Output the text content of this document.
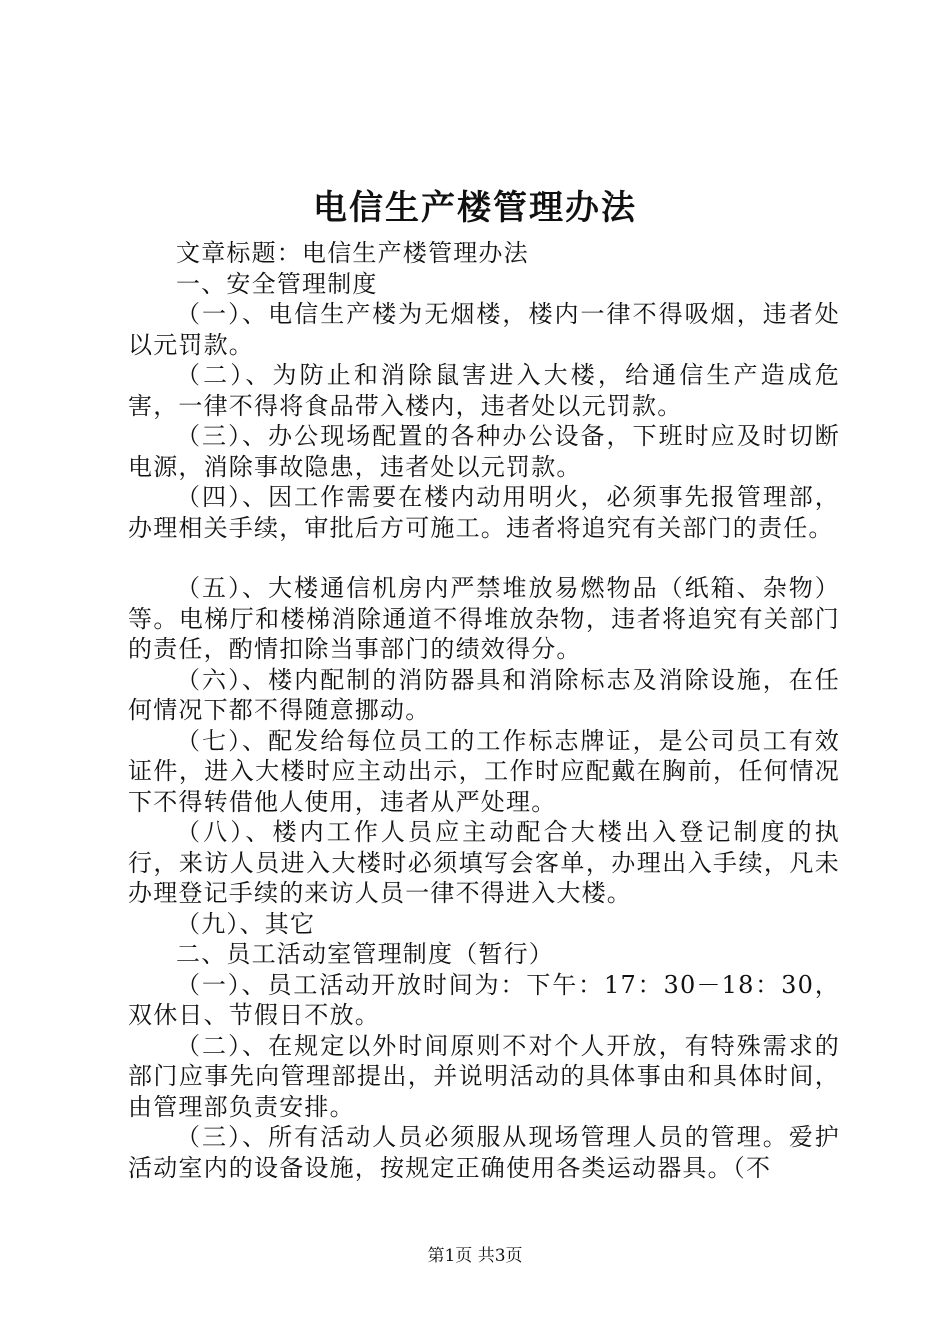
电信生产楼管理办法

文章标题：电信生产楼管理办法

一、安全管理制度

（一）、电信生产楼为无烟楼，楼内一律不得吸烟，违者处以元罚款。

（二）、为防止和消除鼠害进入大楼，给通信生产造成危害，一律不得将食品带入楼内，违者处以元罚款。

（三）、办公现场配置的各种办公设备，下班时应及时切断电源，消除事故隐患，违者处以元罚款。

（四）、因工作需要在楼内动用明火，必须事先报管理部，办理相关手续，审批后方可施工。违者将追究有关部门的责任。

（五）、大楼通信机房内严禁堆放易燃物品（纸箱、杂物）等。电梯厅和楼梯消除通道不得堆放杂物，违者将追究有关部门的责任，酌情扣除当事部门的绩效得分。

（六）、楼内配制的消防器具和消除标志及消除设施，在任何情况下都不得随意挪动。

（七）、配发给每位员工的工作标志牌证，是公司员工有效证件，进入大楼时应主动出示，工作时应配戴在胸前，任何情况下不得转借他人使用，违者从严处理。

（八）、楼内工作人员应主动配合大楼出入登记制度的执行，来访人员进入大楼时必须填写会客单，办理出入手续，凡未办理登记手续的来访人员一律不得进入大楼。

（九）、其它

二、员工活动室管理制度（暂行）

（一）、员工活动开放时间为：下午：17：30－18：30，双休日、节假日不放。

（二）、在规定以外时间原则不对个人开放，有特殊需求的部门应事先向管理部提出，并说明活动的具体事由和具体时间，由管理部负责安排。

（三）、所有活动人员必须服从现场管理人员的管理。爱护活动室内的设备设施，按规定正确使用各类运动器具。（不

第1页 共3页
